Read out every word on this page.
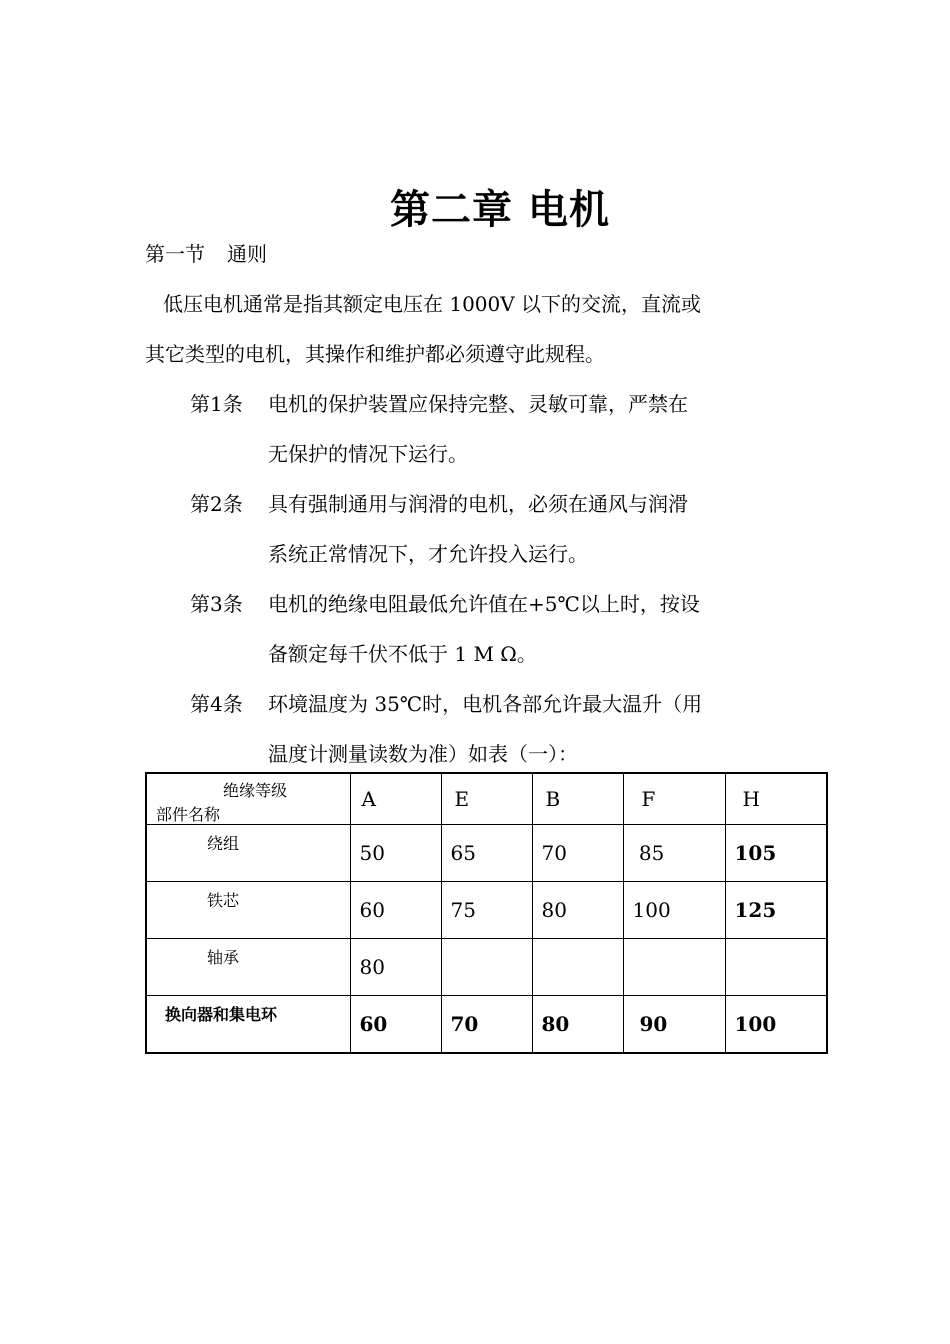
第二章 电机
第一节 通则
低压电机通常是指其额定电压在 1000V 以下的交流，直流或
其它类型的电机，其操作和维护都必须遵守此规程。
第1条 电机的保护装置应保持完整、灵敏可靠，严禁在
无保护的情况下运行。
第2条 具有强制通用与润滑的电机，必须在通风与润滑
系统正常情况下，才允许投入运行。
第3条 电机的绝缘电阻最低允许值在+5℃以上时，按设
备额定每千伏不低于 1 M Ω。
第4条 环境温度为 35℃时，电机各部允许最大温升（用
温度计测量读数为准）如表（一）：
绝缘等级
部件名称	A	E	B	F	H
绕组	50	65	70	85	105
铁芯	60	75	80	100	125
轴承	80				
换向器和集电环	60	70	80	90	100
